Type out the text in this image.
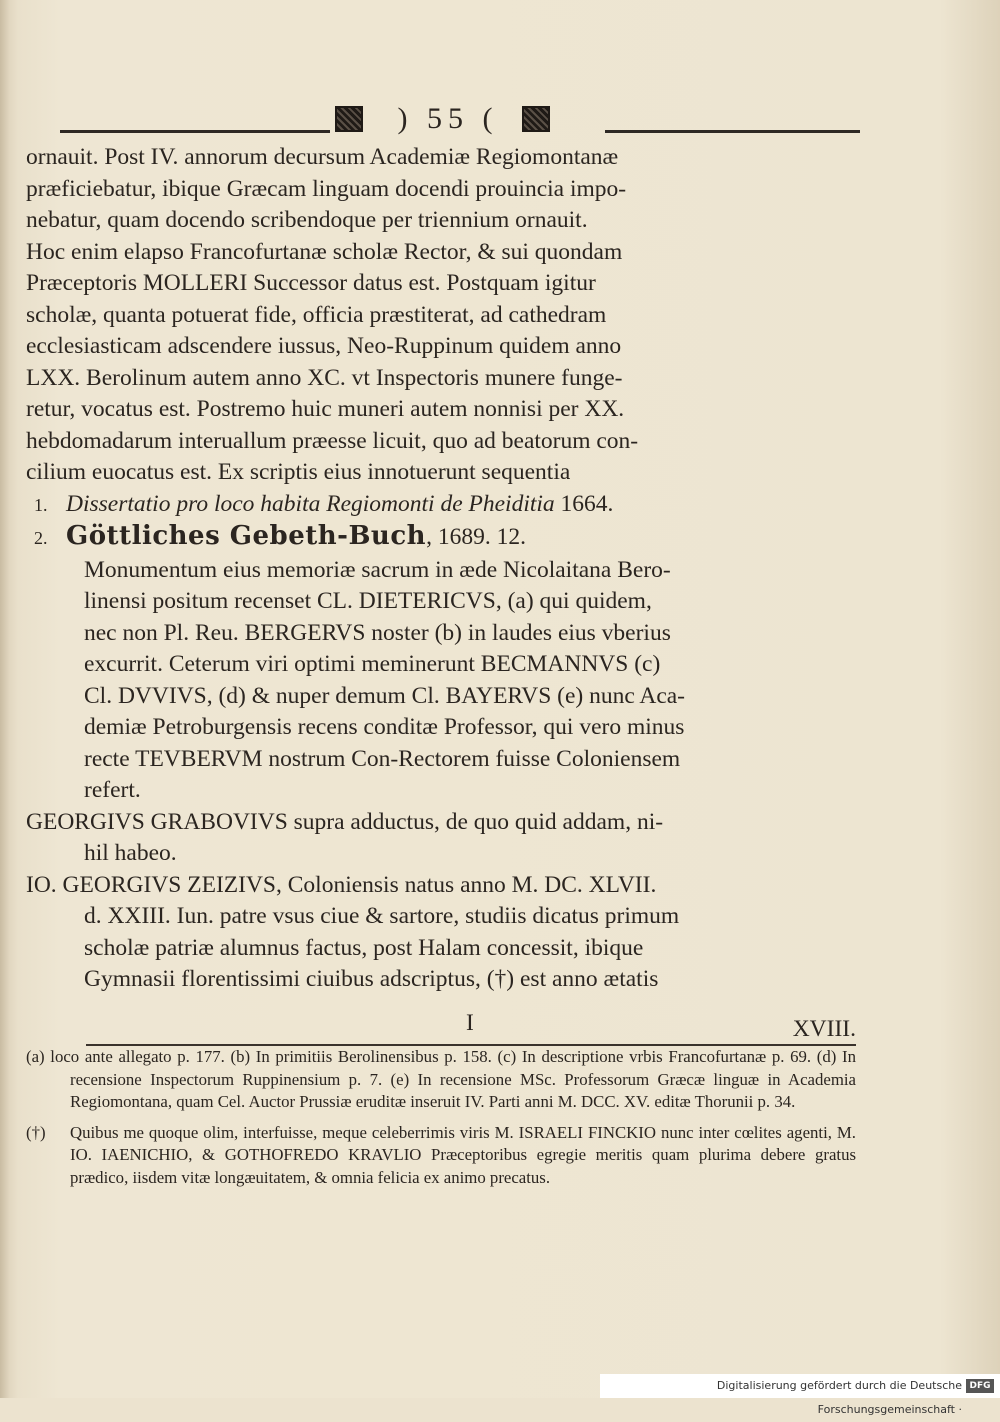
) 55 (

ornauit. Post IV. annorum decursum Academiæ Regiomontanæ

præficiebatur, ibique Græcam linguam docendi prouincia impo-

nebatur, quam docendo scribendoque per triennium ornauit.

Hoc enim elapso Francofurtanæ scholæ Rector, & sui quondam

Præceptoris MOLLERI Successor datus est. Postquam igitur

scholæ, quanta potuerat fide, officia præstiterat, ad cathedram

ecclesiasticam adscendere iussus, Neo-Ruppinum quidem anno

LXX. Berolinum autem anno XC. vt Inspectoris munere funge-

retur, vocatus est. Postremo huic muneri autem nonnisi per XX.

hebdomadarum interuallum præesse licuit, quo ad beatorum con-

cilium euocatus est. Ex scriptis eius innotuerunt sequentia

1. Dissertatio pro loco habita Regiomonti de Pheiditia 1664.

2. Göttliches Gebeth-Buch, 1689. 12.

Monumentum eius memoriæ sacrum in æde Nicolaitana Bero-

linensi positum recenset CL. DIETERICVS, (a) qui quidem,

nec non Pl. Reu. BERGERVS noster (b) in laudes eius vberius

excurrit. Ceterum viri optimi meminerunt BECMANNVS (c)

Cl. DVVIVS, (d) & nuper demum Cl. BAYERVS (e) nunc Aca-

demiæ Petroburgensis recens conditæ Professor, qui vero minus

recte TEVBERVM nostrum Con-Rectorem fuisse Coloniensem

refert.

GEORGIVS GRABOVIVS supra adductus, de quo quid addam, ni-

hil habeo.

IO. GEORGIVS ZEIZIVS, Coloniensis natus anno M. DC. XLVII.

d. XXIII. Iun. patre vsus ciue & sartore, studiis dicatus primum

scholæ patriæ alumnus factus, post Halam concessit, ibique

Gymnasii florentissimi ciuibus adscriptus, (†) est anno ætatis

I	XVIII.

(a) loco ante allegato p. 177. (b) In primitiis Berolinensibus p. 158. (c) In descriptione vrbis Francofurtanæ p. 69. (d) In recensione Inspectorum Ruppinensium p. 7. (e) In recensione MSc. Professorum Græcæ linguæ in Academia Regiomontana, quam Cel. Auctor Prussiæ eruditæ inseruit IV. Parti anni M. DCC. XV. editæ Thorunii p. 34.

(†) Quibus me quoque olim, interfuisse, meque celeberrimis viris M. ISRAELI FINCKIO nunc inter cœlites agenti, M. IO. IAENICHIO, & GOTHOFREDO KRAVLIO Præceptoribus egregie meritis quam plurima debere gratus prædico, iisdem vitæ longæuitatem, & omnia felicia ex animo precatus.

Digitalisierung gefördert durch die Deutsche Forschungsgemeinschaft ·
DFG
